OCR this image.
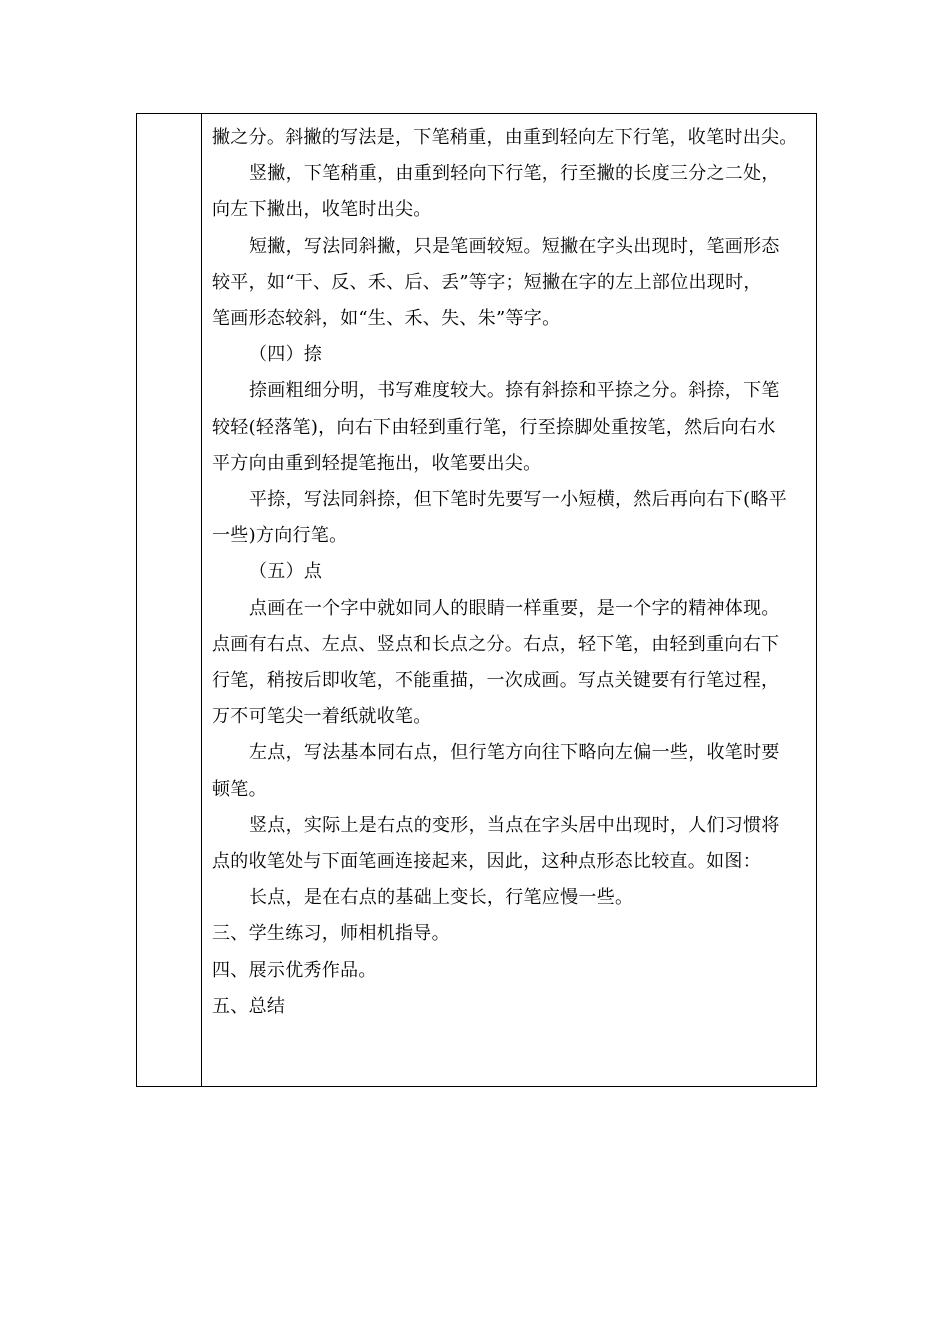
撇之分。斜撇的写法是，下笔稍重，由重到轻向左下行笔，收笔时出尖。

竖撇，下笔稍重，由重到轻向下行笔，行至撇的长度三分之二处，

向左下撇出，收笔时出尖。

短撇，写法同斜撇，只是笔画较短。短撇在字头出现时，笔画形态

较平，如“干、反、禾、后、丢”等字；短撇在字的左上部位出现时，

笔画形态较斜，如“生、禾、失、朱”等字。

（四）捺

捺画粗细分明，书写难度较大。捺有斜捺和平捺之分。斜捺，下笔

较轻(轻落笔)，向右下由轻到重行笔，行至捺脚处重按笔，然后向右水

平方向由重到轻提笔拖出，收笔要出尖。

平捺，写法同斜捺，但下笔时先要写一小短横，然后再向右下(略平

一些)方向行笔。

（五）点

点画在一个字中就如同人的眼睛一样重要，是一个字的精神体现。

点画有右点、左点、竖点和长点之分。右点，轻下笔，由轻到重向右下

行笔，稍按后即收笔，不能重描，一次成画。写点关键要有行笔过程，

万不可笔尖一着纸就收笔。

左点，写法基本同右点，但行笔方向往下略向左偏一些，收笔时要

顿笔。

竖点，实际上是右点的变形，当点在字头居中出现时，人们习惯将

点的收笔处与下面笔画连接起来，因此，这种点形态比较直。如图：

长点，是在右点的基础上变长，行笔应慢一些。

三、学生练习，师相机指导。

四、展示优秀作品。

五、总结
